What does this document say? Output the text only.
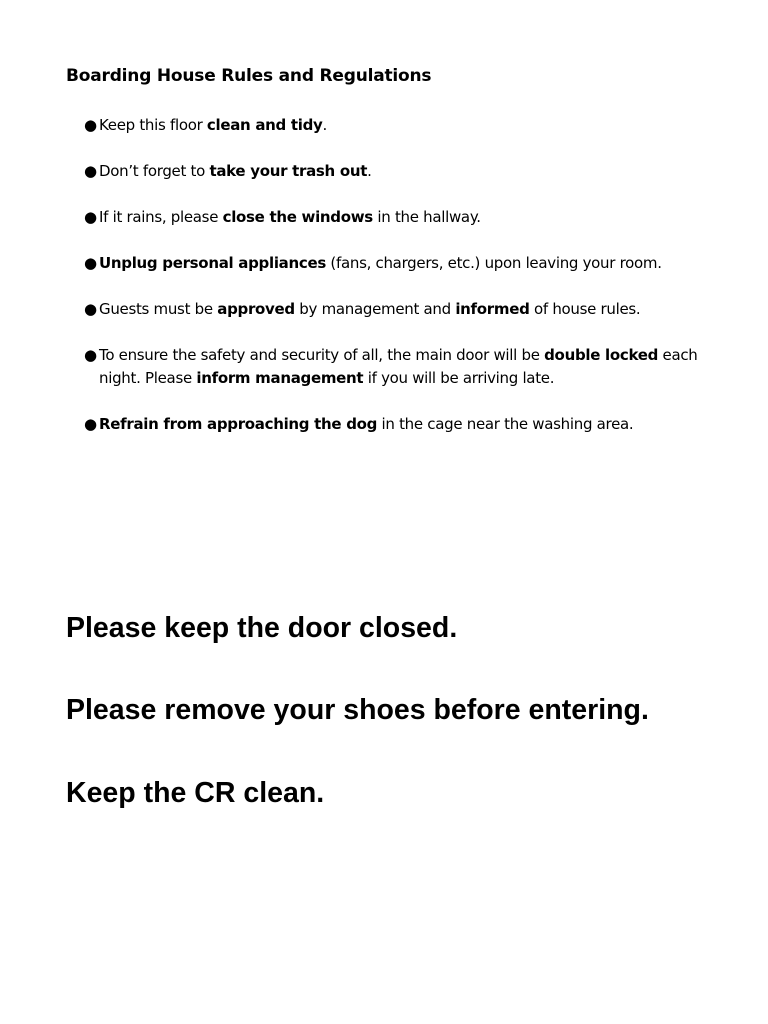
Boarding House Rules and Regulations
● Keep this floor clean and tidy.
● Don’t forget to take your trash out.
● If it rains, please close the windows in the hallway.
● Unplug personal appliances (fans, chargers, etc.) upon leaving your room.
● Guests must be approved by management and informed of house rules.
● To ensure the safety and security of all, the main door will be double locked each night. Please inform management if you will be arriving late.
● Refrain from approaching the dog in the cage near the washing area.
Please keep the door closed.
Please remove your shoes before entering.
Keep the CR clean.
